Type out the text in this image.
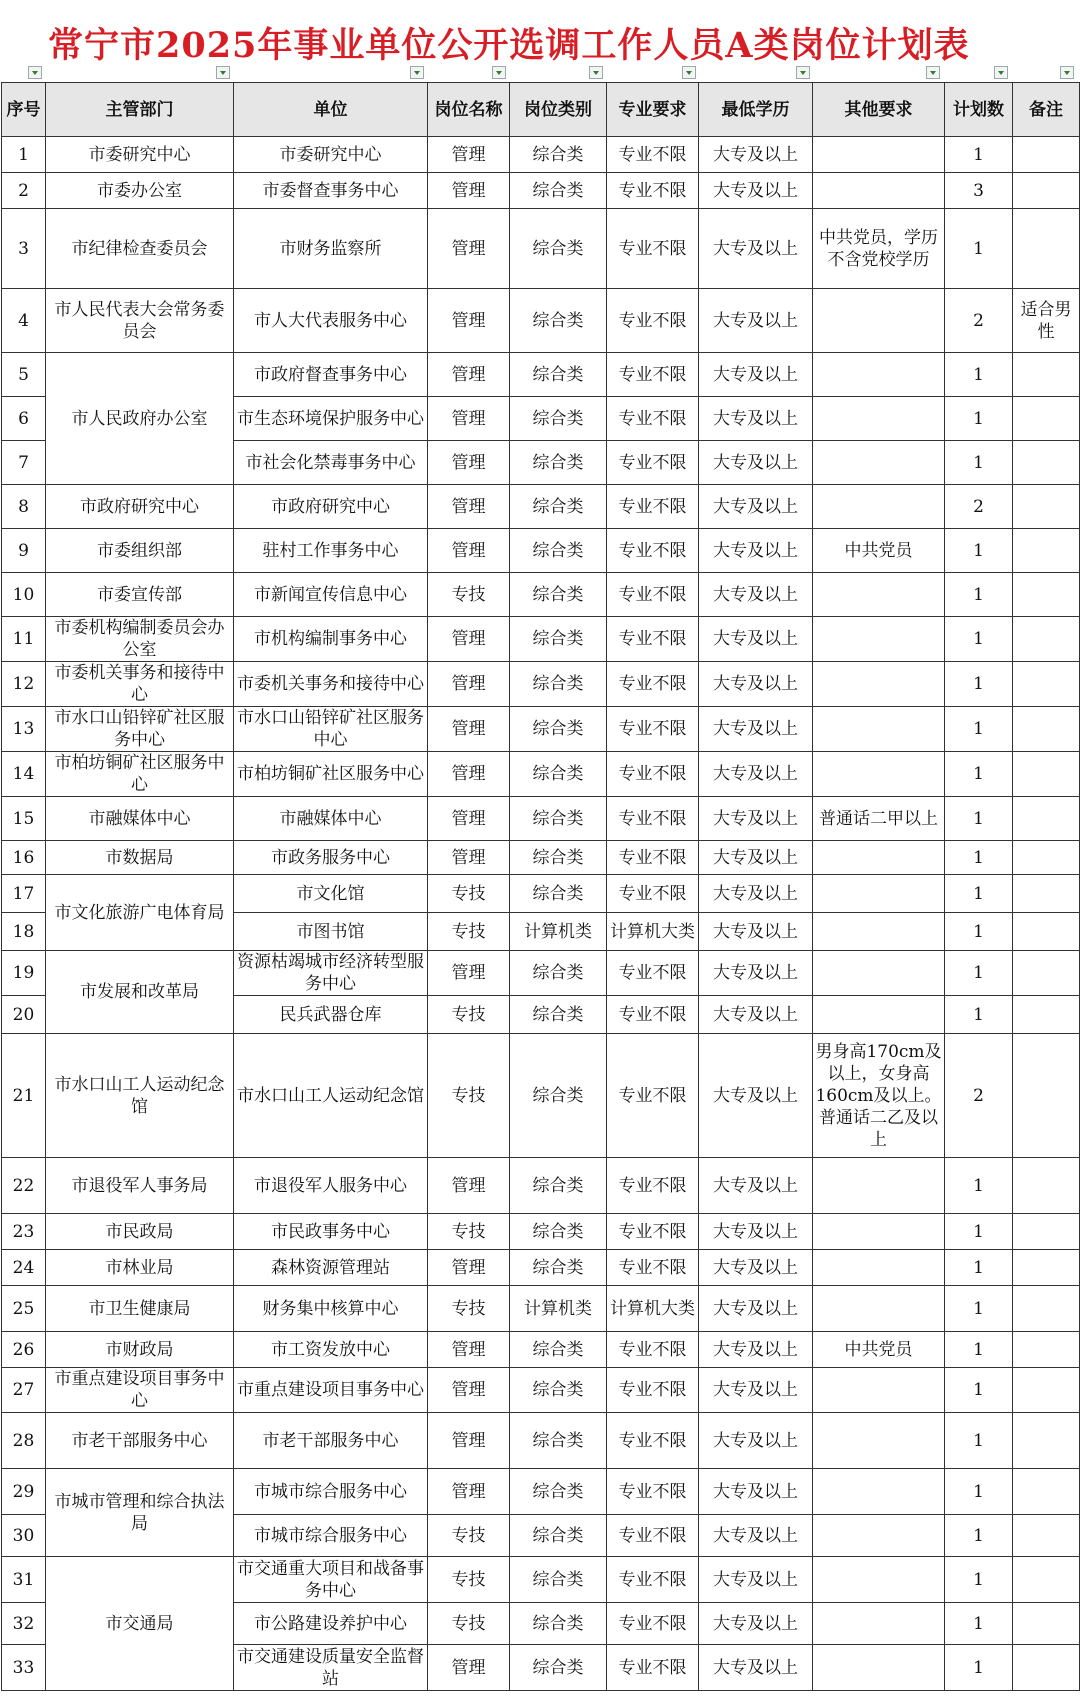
常宁市2025年事业单位公开选调工作人员A类岗位计划表
序号	主管部门	单位	岗位名称	岗位类别	专业要求	最低学历	其他要求	计划数	备注
1	市委研究中心	市委研究中心	管理	综合类	专业不限	大专及以上		1	
2	市委办公室	市委督查事务中心	管理	综合类	专业不限	大专及以上		3	
3	市纪律检查委员会	市财务监察所	管理	综合类	专业不限	大专及以上	中共党员，学历不含党校学历	1	
4	市人民代表大会常务委员会	市人大代表服务中心	管理	综合类	专业不限	大专及以上		2	适合男性
5	市人民政府办公室	市政府督查事务中心	管理	综合类	专业不限	大专及以上		1	
6		市生态环境保护服务中心	管理	综合类	专业不限	大专及以上		1	
7		市社会化禁毒事务中心	管理	综合类	专业不限	大专及以上		1	
8	市政府研究中心	市政府研究中心	管理	综合类	专业不限	大专及以上		2	
9	市委组织部	驻村工作事务中心	管理	综合类	专业不限	大专及以上	中共党员	1	
10	市委宣传部	市新闻宣传信息中心	专技	综合类	专业不限	大专及以上		1	
11	市委机构编制委员会办公室	市机构编制事务中心	管理	综合类	专业不限	大专及以上		1	
12	市委机关事务和接待中心	市委机关事务和接待中心	管理	综合类	专业不限	大专及以上		1	
13	市水口山铅锌矿社区服务中心	市水口山铅锌矿社区服务中心	管理	综合类	专业不限	大专及以上		1	
14	市柏坊铜矿社区服务中心	市柏坊铜矿社区服务中心	管理	综合类	专业不限	大专及以上		1	
15	市融媒体中心	市融媒体中心	管理	综合类	专业不限	大专及以上	普通话二甲以上	1	
16	市数据局	市政务服务中心	管理	综合类	专业不限	大专及以上		1	
17	市文化旅游广电体育局	市文化馆	专技	综合类	专业不限	大专及以上		1	
18		市图书馆	专技	计算机类	计算机大类	大专及以上		1	
19	市发展和改革局	资源枯竭城市经济转型服务中心	管理	综合类	专业不限	大专及以上		1	
20		民兵武器仓库	专技	综合类	专业不限	大专及以上		1	
21	市水口山工人运动纪念馆	市水口山工人运动纪念馆	专技	综合类	专业不限	大专及以上	男身高170cm及以上，女身高160cm及以上。普通话二乙及以上	2	
22	市退役军人事务局	市退役军人服务中心	管理	综合类	专业不限	大专及以上		1	
23	市民政局	市民政事务中心	专技	综合类	专业不限	大专及以上		1	
24	市林业局	森林资源管理站	管理	综合类	专业不限	大专及以上		1	
25	市卫生健康局	财务集中核算中心	专技	计算机类	计算机大类	大专及以上		1	
26	市财政局	市工资发放中心	管理	综合类	专业不限	大专及以上	中共党员	1	
27	市重点建设项目事务中心	市重点建设项目事务中心	管理	综合类	专业不限	大专及以上		1	
28	市老干部服务中心	市老干部服务中心	管理	综合类	专业不限	大专及以上		1	
29	市城市管理和综合执法局	市城市综合服务中心	管理	综合类	专业不限	大专及以上		1	
30		市城市综合服务中心	专技	综合类	专业不限	大专及以上		1	
31	市交通局	市交通重大项目和战备事务中心	专技	综合类	专业不限	大专及以上		1	
32		市公路建设养护中心	专技	综合类	专业不限	大专及以上		1	
33		市交通建设质量安全监督站	管理	综合类	专业不限	大专及以上		1	
